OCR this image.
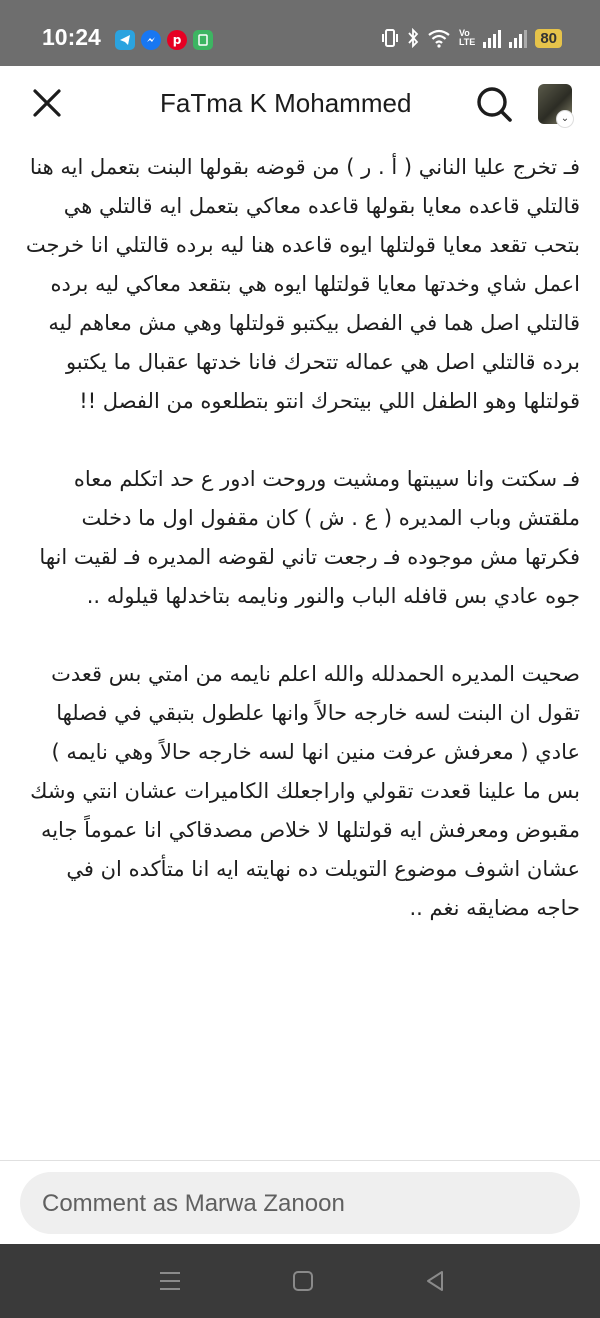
10:24	p	Vo
LTE	80
FaTma K Mohammed
⌄

فـ تخرج عليا الناني ( أ . ر ) من قوضه بقولها البنت بتعمل ايه هنا قالتلي قاعده معايا بقولها قاعده معاكي بتعمل ايه قالتلي هي بتحب تقعد معايا قولتلها ايوه قاعده هنا ليه برده قالتلي انا خرجت اعمل شاي وخدتها معايا قولتلها ايوه هي بتقعد معاكي ليه برده قالتلي اصل هما في الفصل بيكتبو قولتلها وهي مش معاهم ليه برده قالتلي اصل هي عماله تتحرك فانا خدتها عقبال ما يكتبو قولتلها وهو الطفل اللي بيتحرك انتو بتطلعوه من الفصل !!

فـ سكتت وانا سيبتها ومشيت وروحت ادور ع حد اتكلم معاه ملقتش وباب المديره ( ع . ش ) كان مقفول اول ما دخلت فكرتها مش موجوده فـ رجعت تاني لقوضه المديره فـ لقيت انها جوه عادي بس قافله الباب والنور ونايمه بتاخدلها قيلوله ..

صحيت المديره الحمدلله والله اعلم نايمه من امتي بس قعدت تقول ان البنت لسه خارجه حالاً وانها علطول بتبقي في فصلها عادي ( معرفش عرفت منين انها لسه خارجه حالاً وهي نايمه ) بس ما علينا قعدت تقولي واراجعلك الكاميرات عشان انتي وشك مقبوض ومعرفش ايه قولتلها لا خلاص مصدقاكي انا عموماً جايه عشان اشوف موضوع التويلت ده نهايته ايه انا متأكده ان في حاجه مضايقه نغم ..

Comment as Marwa Zanoon
